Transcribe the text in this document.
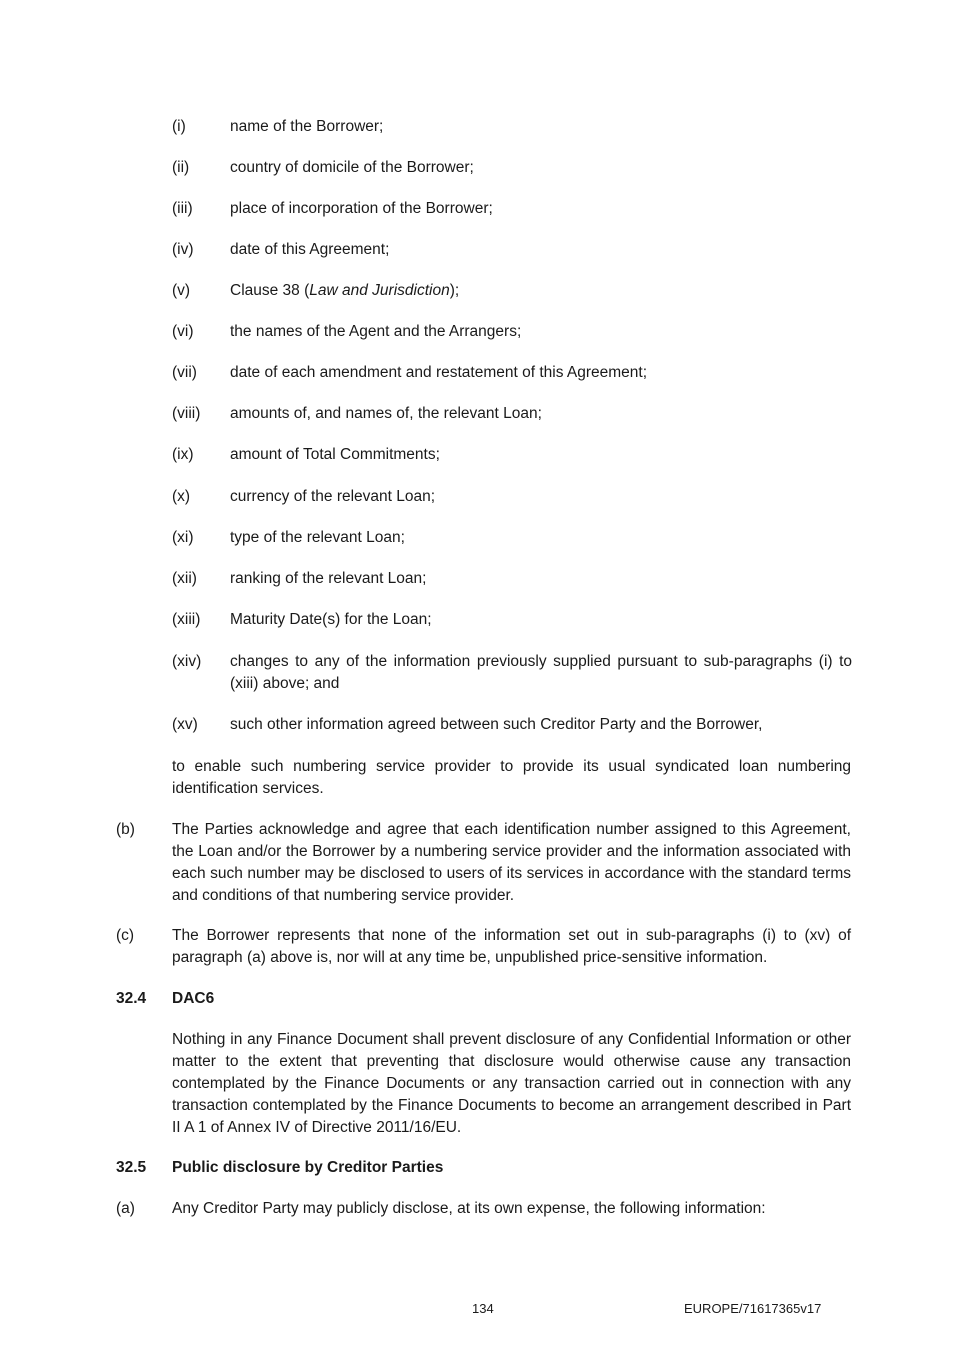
(i)	name of the Borrower;
(ii)	country of domicile of the Borrower;
(iii) place of incorporation of the Borrower;
(iv) date of this Agreement;
(v)	Clause 38 (Law and Jurisdiction);
(vi) the names of the Agent and the Arrangers;
(vii) date of each amendment and restatement of this Agreement;
(viii) amounts of, and names of, the relevant Loan;
(ix) amount of Total Commitments;
(x)	currency of the relevant Loan;
(xi) type of the relevant Loan;
(xii) ranking of the relevant Loan;
(xiii) Maturity Date(s) for the Loan;
(xiv) changes to any of the information previously supplied pursuant to sub-paragraphs (i) to (xiii) above; and
(xv) such other information agreed between such Creditor Party and the Borrower,
to enable such numbering service provider to provide its usual syndicated loan numbering identification services.
(b) The Parties acknowledge and agree that each identification number assigned to this Agreement, the Loan and/or the Borrower by a numbering service provider and the information associated with each such number may be disclosed to users of its services in accordance with the standard terms and conditions of that numbering service provider.
(c) The Borrower represents that none of the information set out in sub-paragraphs (i) to (xv) of paragraph (a) above is, nor will at any time be, unpublished price-sensitive information.
32.4 DAC6
Nothing in any Finance Document shall prevent disclosure of any Confidential Information or other matter to the extent that preventing that disclosure would otherwise cause any transaction contemplated by the Finance Documents or any transaction carried out in connection with any transaction contemplated by the Finance Documents to become an arrangement described in Part II A 1 of Annex IV of Directive 2011/16/EU.
32.5 Public disclosure by Creditor Parties
(a) Any Creditor Party may publicly disclose, at its own expense, the following information:
134	EUROPE/71617365v17
